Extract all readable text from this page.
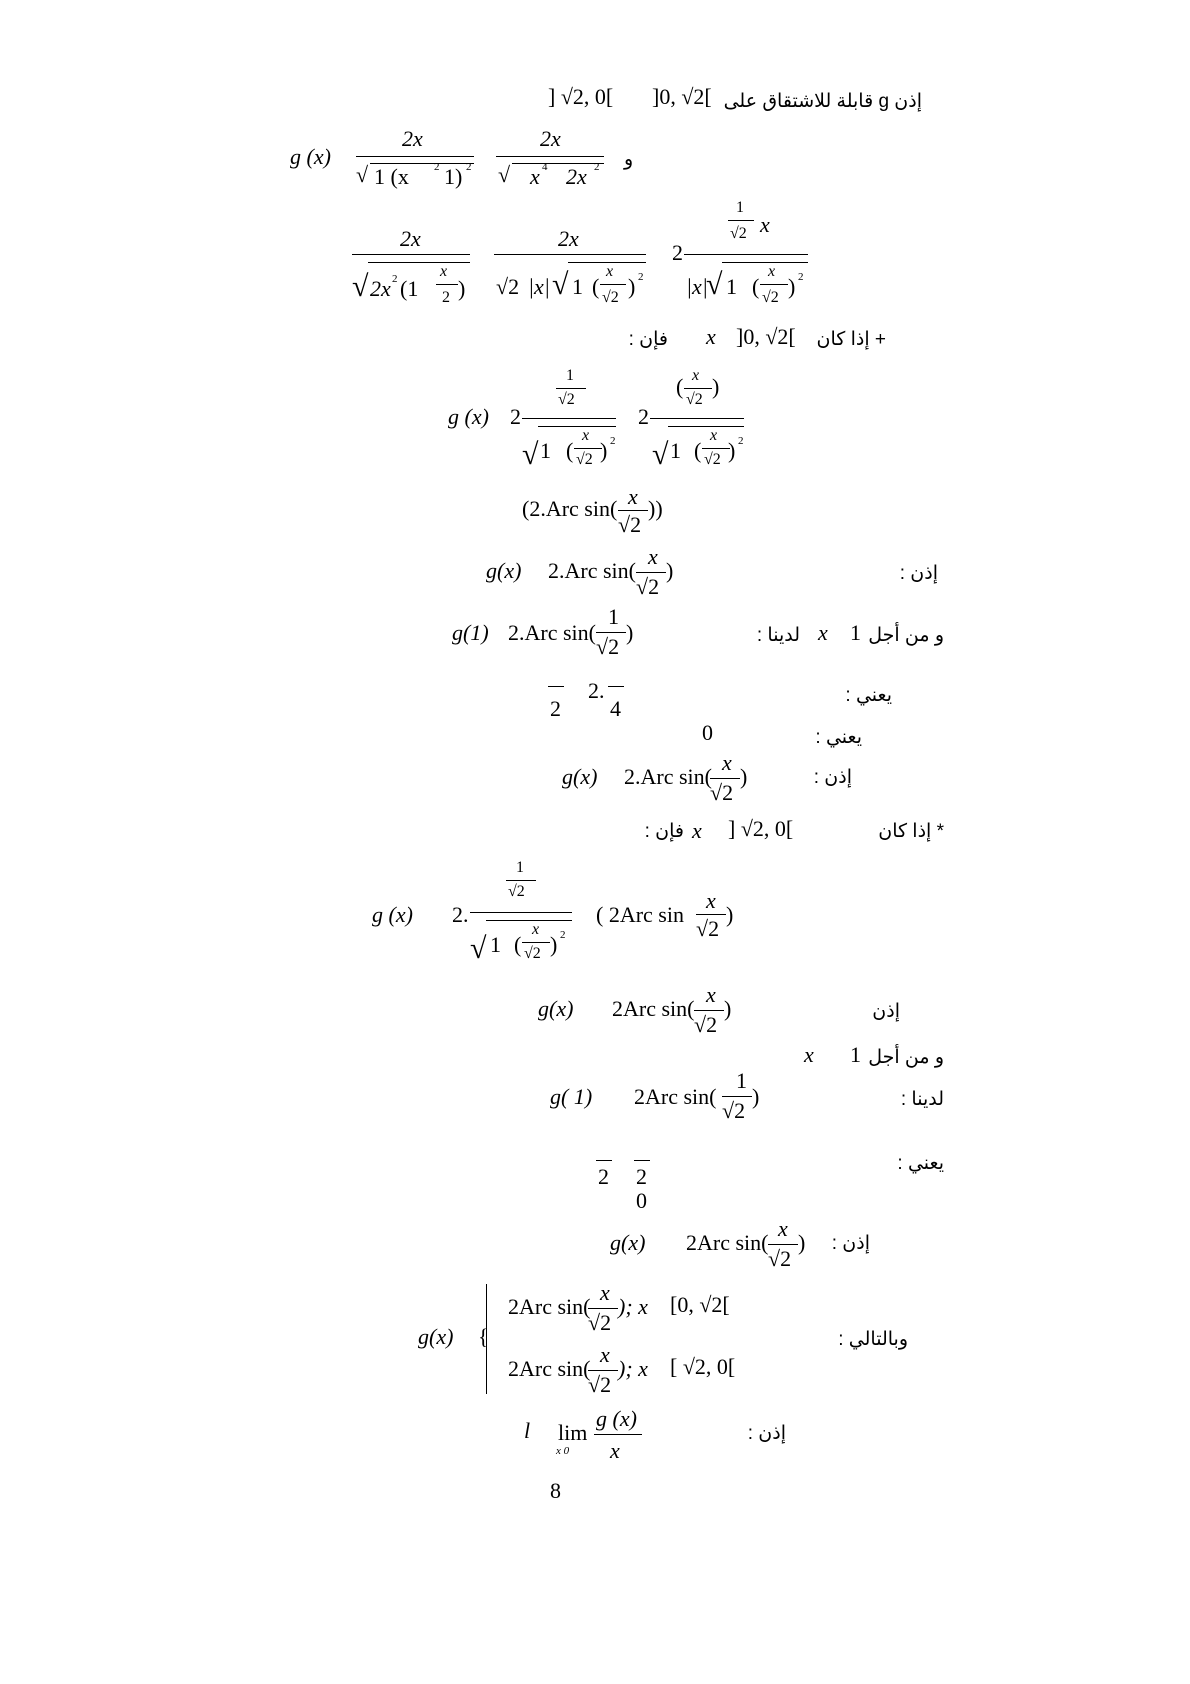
إذن g قابلة للاشتقاق على
] √2, 0[ ]0, √2[
g (x)
2x
√ 1 (x 2 1) 2
2x
√ x 4 2x 2 و
2x
√ 2x 2 (1
x
2 )
2x
√2 |x| √ 1 (
x
√2 ) 2
2
1
√2 x
|x|
√ 1 (
x
√2 ) 2
+ إذا كان
]0, √2[
x
فإن :
g (x) 2
1
√2
√ 1 (
x
√2 ) 2
2
( x
√2
)
√ 1 (
x
√2 ) 2
(2.Arc sin( x
√2
))
إذن :
g(x) 2.Arc sin(
x
√2
)
و من أجل
1
x
لدينا :
g(1) 2.Arc sin(
1
√2
)
يعني :
2
2.
4
يعني :
0
إذن :
g(x) 2.Arc sin(
x
√2
)
* إذا كان
] √2, 0[
x
فإن :
g (x) 2.
1
√2
√ 1 (
x
√2 ) 2
( 2Arc sin
x
√2
)
إذن
g(x) 2Arc sin(
x
√2
)
و من أجل
1
x
لدينا :
g( 1) 2Arc sin(
1
√2
)
يعني :
2 2
0
إذن :
g(x) 2Arc sin(
x
√2
)
وبالتالي :
g(x) {
2Arc sin(
x
√2
); x [0, √2[
2Arc sin(
x
√2
); x [ √2, 0[
إذن :
l lim
x 0
g (x)
x
8
